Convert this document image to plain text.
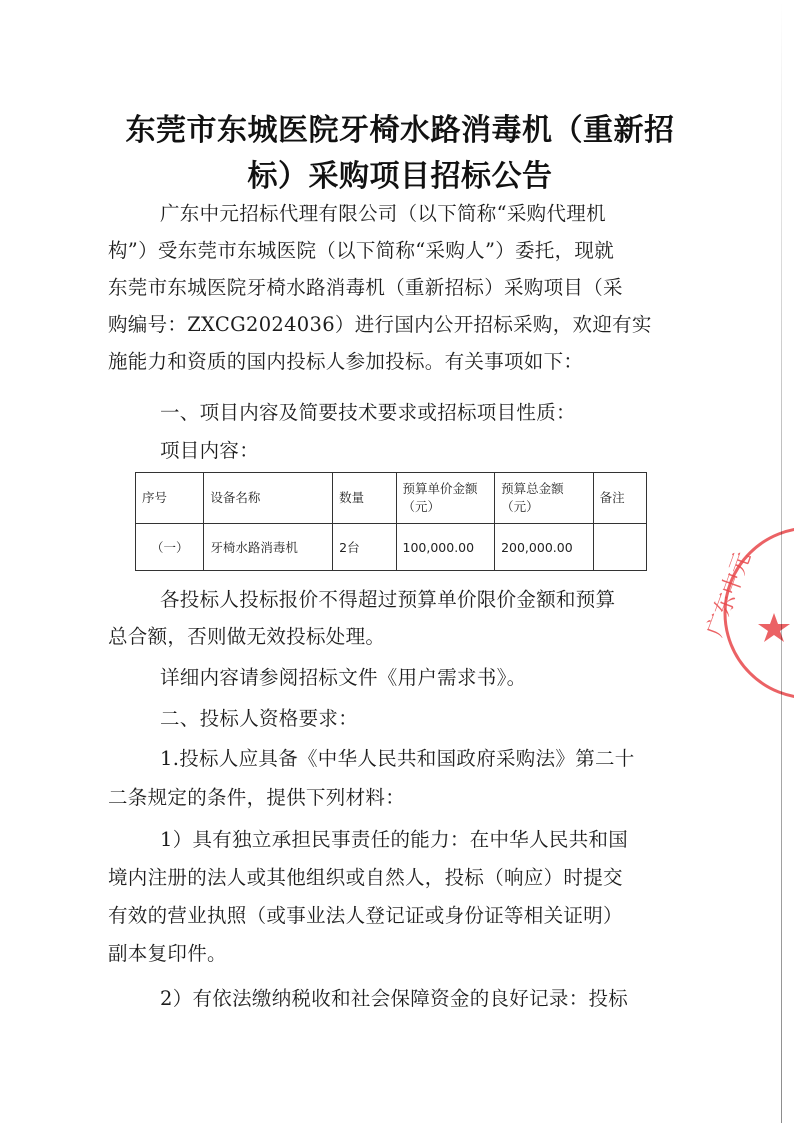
东莞市东城医院牙椅水路消毒机（重新招
标）采购项目招标公告
广东中元招标代理有限公司（以下简称“采购代理机
构”）受东莞市东城医院（以下简称“采购人”）委托，现就
东莞市东城医院牙椅水路消毒机（重新招标）采购项目（采
购编号：ZXCG2024036）进行国内公开招标采购，欢迎有实
施能力和资质的国内投标人参加投标。有关事项如下：
一、项目内容及简要技术要求或招标项目性质：
项目内容：
序号	设备名称	数量	预算单价金额（元）	预算总金额（元）	备注
（一）	牙椅水路消毒机	2台	100,000.00	200,000.00	
各投标人投标报价不得超过预算单价限价金额和预算
总合额，否则做无效投标处理。
详细内容请参阅招标文件《用户需求书》。
二、投标人资格要求：
1.投标人应具备《中华人民共和国政府采购法》第二十
二条规定的条件，提供下列材料：
1）具有独立承担民事责任的能力：在中华人民共和国
境内注册的法人或其他组织或自然人，投标（响应）时提交
有效的营业执照（或事业法人登记证或身份证等相关证明）
副本复印件。
2）有依法缴纳税收和社会保障资金的良好记录：投标
广东中元
